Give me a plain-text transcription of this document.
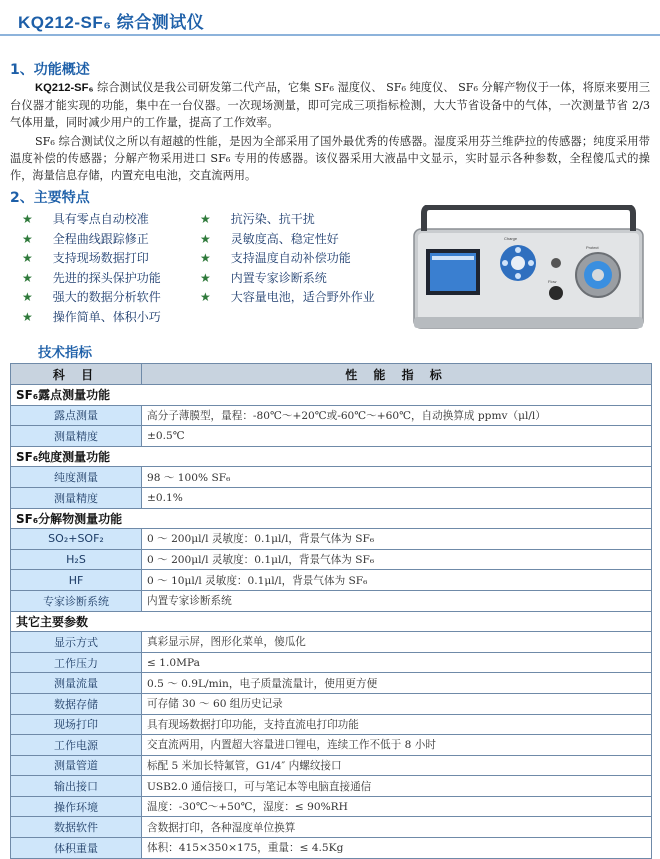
KQ212-SF₆ 综合测试仪
1、功能概述
KQ212-SF₆ 综合测试仪是我公司研发第二代产品，它集 SF₆ 湿度仪、 SF₆ 纯度仪、 SF₆ 分解产物仪于一体，将原来要用三台仪器才能实现的功能，集中在一台仪器。一次现场测量，即可完成三项指标检测，大大节省设备中的气体，一次测量节省 2/3 气体用量，同时减少用户的工作量，提高了工作效率。
SF₆ 综合测试仪之所以有超越的性能，是因为全部采用了国外最优秀的传感器。湿度采用芬兰维萨拉的传感器；纯度采用带温度补偿的传感器；分解产物采用进口 SF₆ 专用的传感器。该仪器采用大液晶中文显示，实时显示各种参数，全程傻瓜式的操作，海量信息存储，内置充电电池，交直流两用。
2、主要特点
★ 具有零点自动校准
★ 全程曲线跟踪修正
★ 支持现场数据打印
★ 先进的探头保护功能
★ 强大的数据分析软件
★ 操作简单、体积小巧
★ 抗污染、抗干扰
★ 灵敏度高、稳定性好
★ 支持温度自动补偿功能
★ 内置专家诊断系统
★ 大容量电池，适合野外作业
Charge
Flow
Protect
技术指标
科 目	性 能 指 标
SF₆露点测量功能	
露点测量	高分子薄膜型，量程：-80℃～+20℃或-60℃～+60℃，自动换算成 ppmv（μl/l）
测量精度	±0.5℃
SF₆纯度测量功能	
纯度测量	98 ～ 100% SF₆
测量精度	±0.1%
SF₆分解物测量功能	
SO₂+SOF₂	0 ～ 200μl/l 灵敏度：0.1μl/l，背景气体为 SF₆
H₂S	0 ～ 200μl/l 灵敏度：0.1μl/l，背景气体为 SF₆
HF	0 ～ 10μl/l 灵敏度：0.1μl/l，背景气体为 SF₆
专家诊断系统	内置专家诊断系统
其它主要参数	
显示方式	真彩显示屏，图形化菜单，傻瓜化
工作压力	≤ 1.0MPa
测量流量	0.5 ～ 0.9L/min，电子质量流量计，使用更方便
数据存储	可存储 30 ～ 60 组历史记录
现场打印	具有现场数据打印功能，支持直流电打印功能
工作电源	交直流两用，内置超大容量进口锂电，连续工作不低于 8 小时
测量管道	标配 5 米加长特氟管，G1/4″ 内螺纹接口
输出接口	USB2.0 通信接口，可与笔记本等电脑直接通信
操作环境	温度：-30℃～+50℃，湿度：≤ 90%RH
数据软件	含数据打印，各种湿度单位换算
体积重量	体积：415×350×175，重量：≤ 4.5Kg
